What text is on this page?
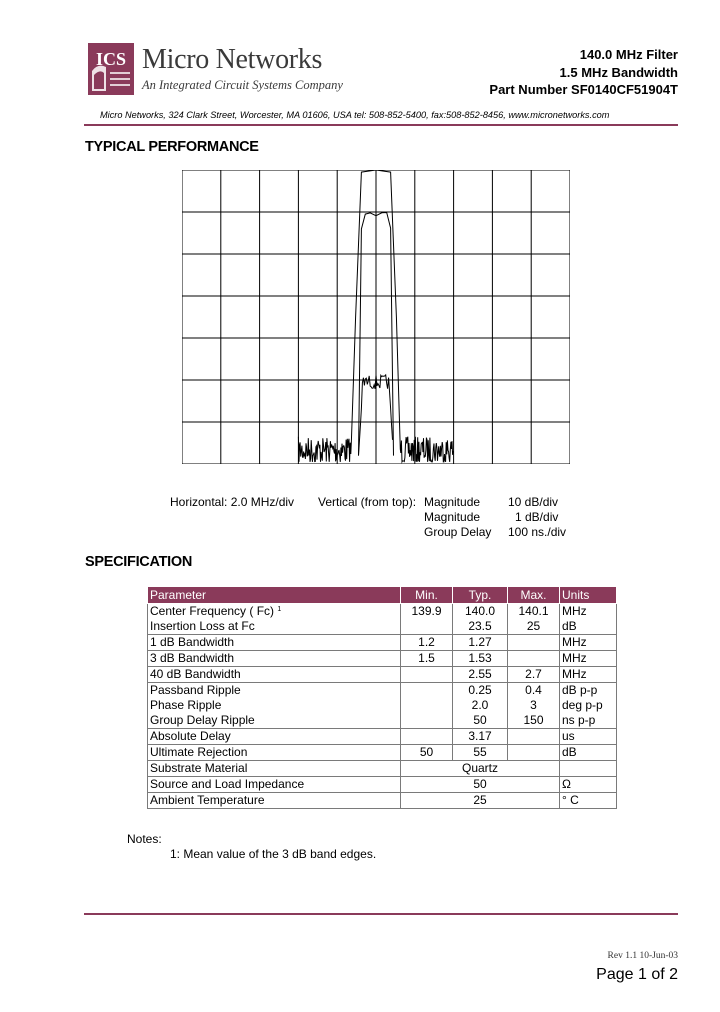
ICS Micro Networks
An Integrated Circuit Systems Company
140.0 MHz Filter
1.5 MHz Bandwidth
Part Number SF0140CF51904T
Micro Networks, 324 Clark Street, Worcester, MA 01606, USA tel: 508-852-5400, fax:508-852-8456, www.micronetworks.com
TYPICAL PERFORMANCE
Horizontal: 2.0 MHz/div Vertical (from top): Magnitude
Magnitude
Group Delay
10 dB/div
1 dB/div
100 ns./div
SPECIFICATION
Parameter	Min.	Typ.	Max.	Units
Center Frequency ( Fc) $^1$	139.9	140.0	140.1	MHz
Insertion Loss at Fc		23.5	25	dB
1 dB Bandwidth	1.2	1.27		MHz
3 dB Bandwidth	1.5	1.53		MHz
40 dB Bandwidth		2.55	2.7	MHz
Passband Ripple		0.25	0.4	dB p-p
Phase Ripple		2.0	3	deg p-p
Group Delay Ripple		50	150	ns p-p
Absolute Delay		3.17		us
Ultimate Rejection	50	55		dB
Substrate Material	Quartz			
Source and Load Impedance	50			Ω
Ambient Temperature	25			° C
Notes:
1: Mean value of the 3 dB band edges.
Rev 1.1 10-Jun-03
Page 1 of 2
